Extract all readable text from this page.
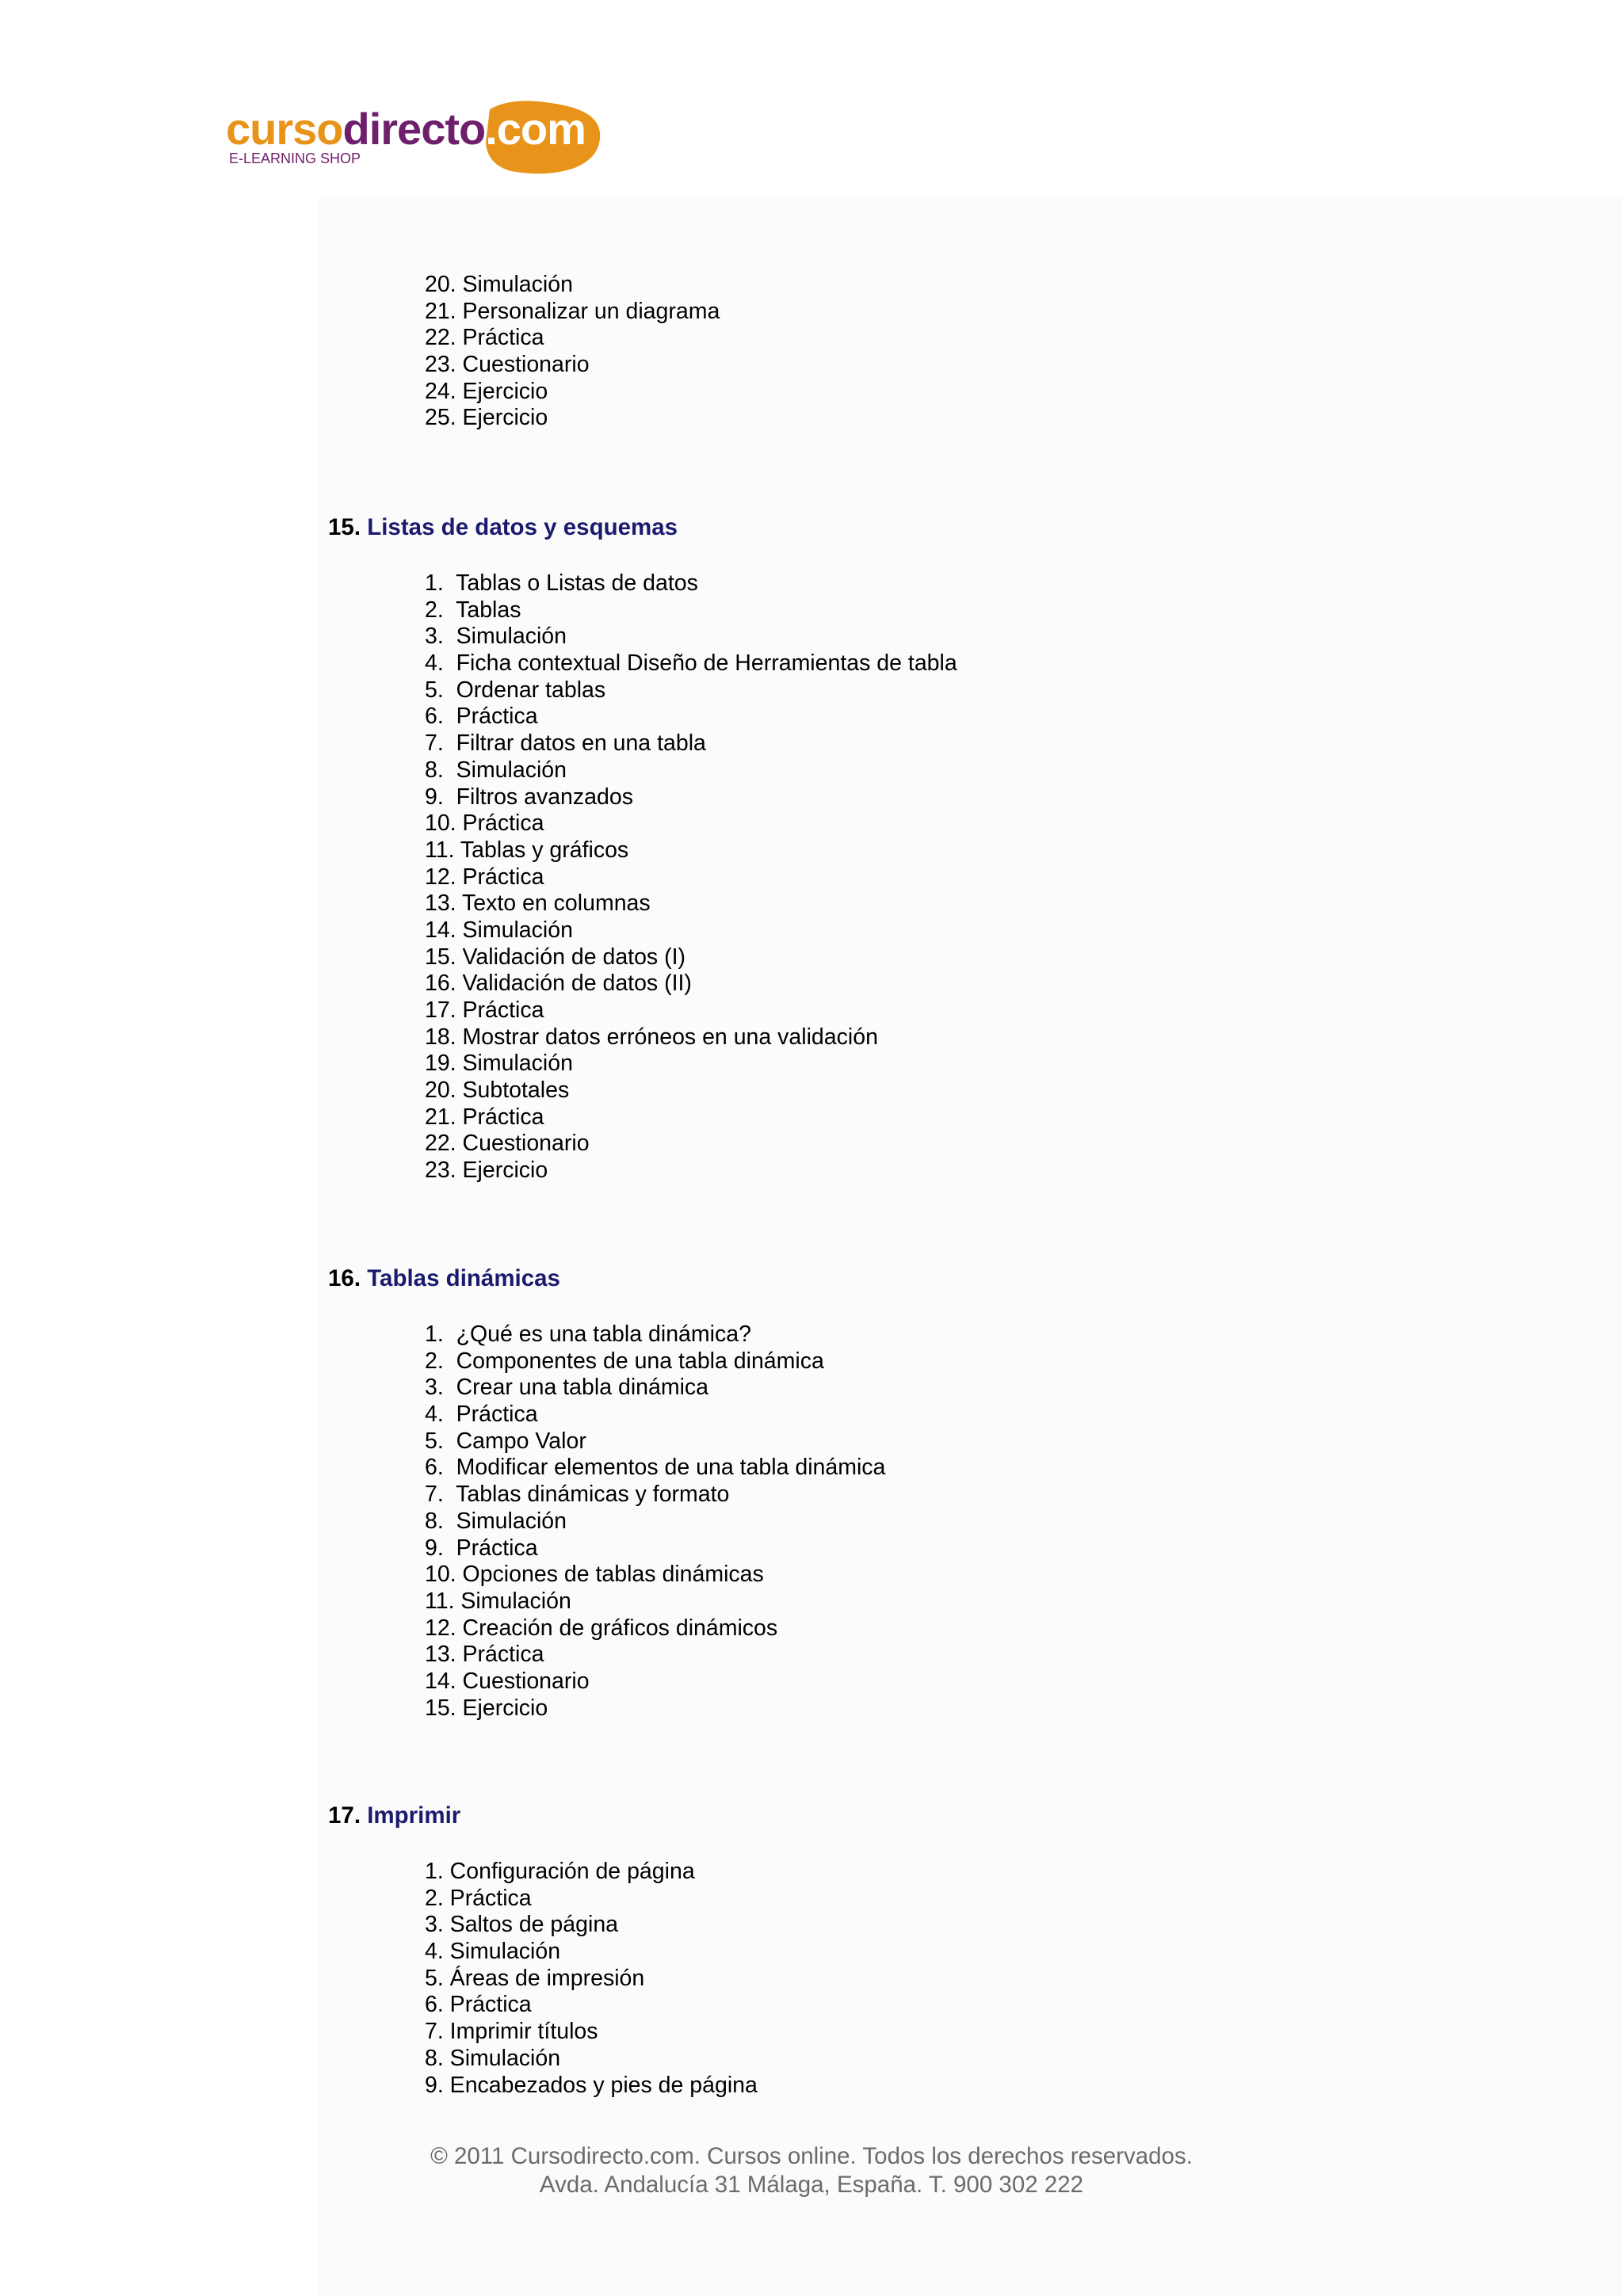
cursodirecto.com
E-LEARNING SHOP
20. Simulación
21. Personalizar un diagrama
22. Práctica
23. Cuestionario
24. Ejercicio
25. Ejercicio
15. Listas de datos y esquemas
1.  Tablas o Listas de datos
2.  Tablas
3.  Simulación
4.  Ficha contextual Diseño de Herramientas de tabla
5.  Ordenar tablas
6.  Práctica
7.  Filtrar datos en una tabla
8.  Simulación
9.  Filtros avanzados
10. Práctica
11. Tablas y gráficos
12. Práctica
13. Texto en columnas
14. Simulación
15. Validación de datos (I)
16. Validación de datos (II)
17. Práctica
18. Mostrar datos erróneos en una validación
19. Simulación
20. Subtotales
21. Práctica
22. Cuestionario
23. Ejercicio
16. Tablas dinámicas
1.  ¿Qué es una tabla dinámica?
2.  Componentes de una tabla dinámica
3.  Crear una tabla dinámica
4.  Práctica
5.  Campo Valor
6.  Modificar elementos de una tabla dinámica
7.  Tablas dinámicas y formato
8.  Simulación
9.  Práctica
10. Opciones de tablas dinámicas
11. Simulación
12. Creación de gráficos dinámicos
13. Práctica
14. Cuestionario
15. Ejercicio
17. Imprimir
1. Configuración de página
2. Práctica
3. Saltos de página
4. Simulación
5. Áreas de impresión
6. Práctica
7. Imprimir títulos
8. Simulación
9. Encabezados y pies de página
© 2011 Cursodirecto.com. Cursos online. Todos los derechos reservados.
Avda. Andalucía 31 Málaga, España. T. 900 302 222
